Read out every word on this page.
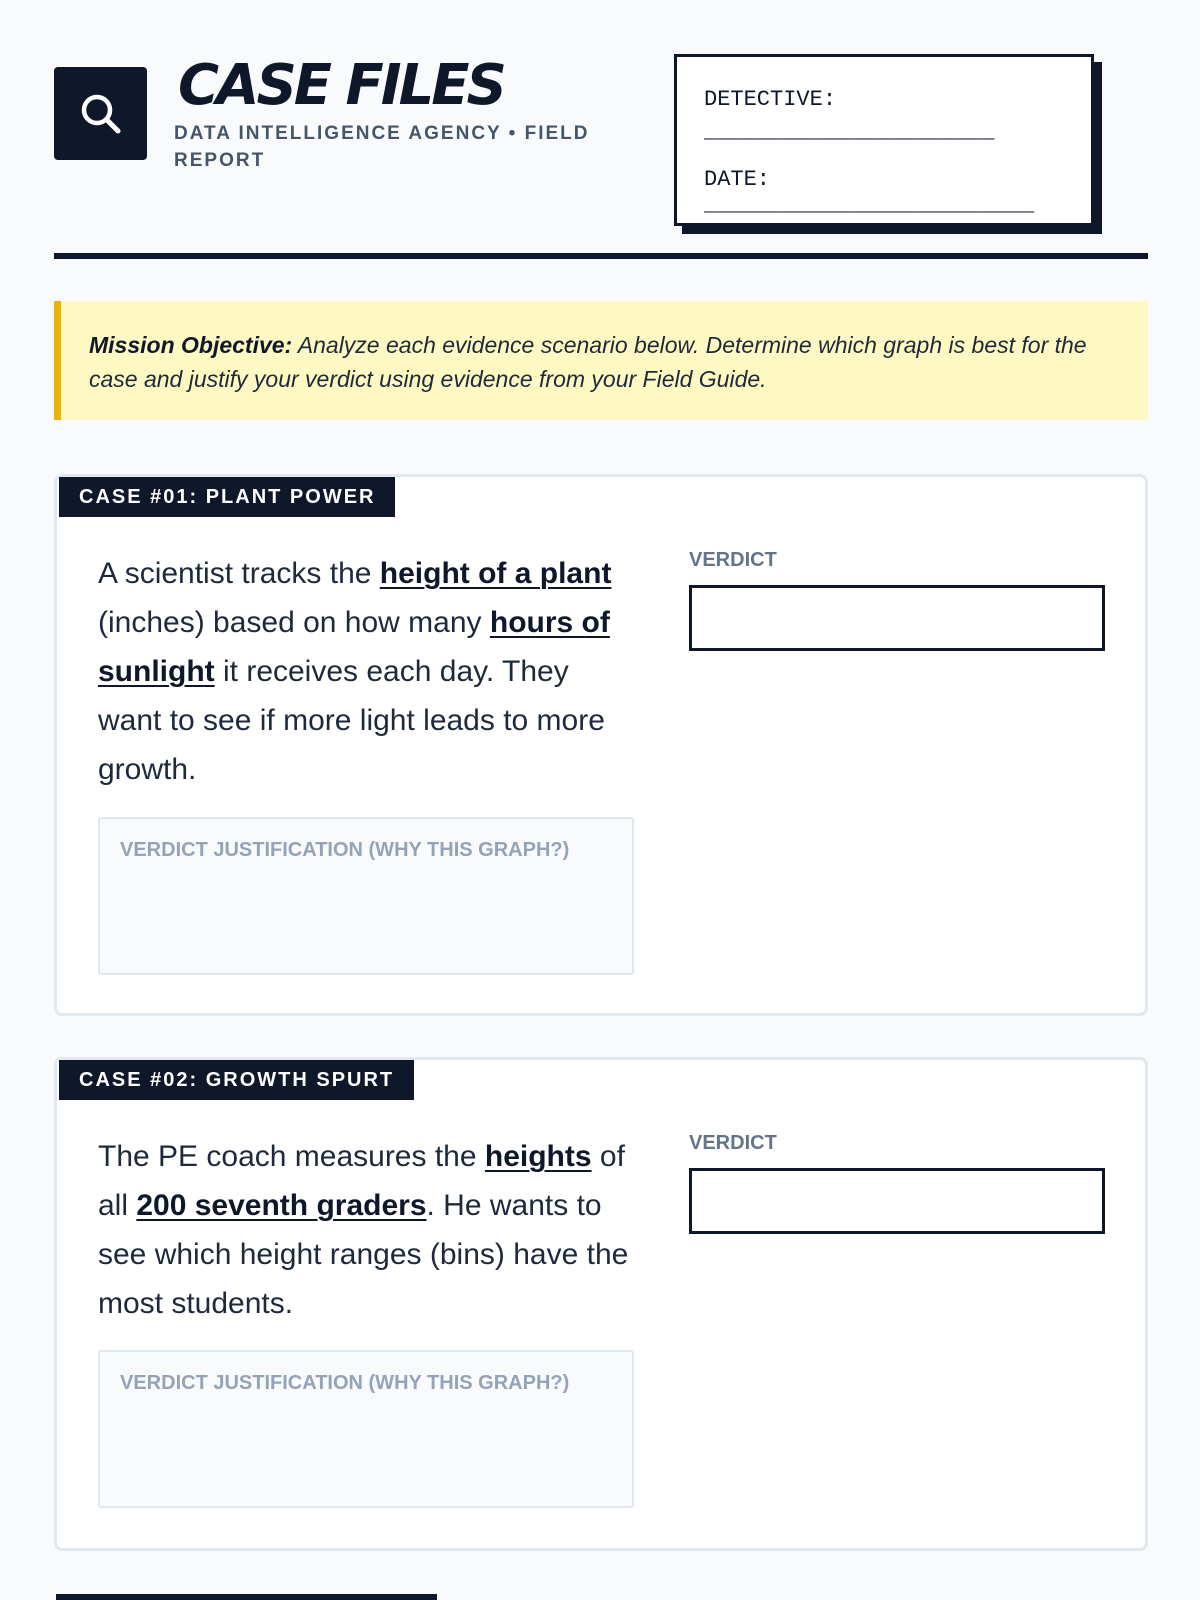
CASE FILES
DATA INTELLIGENCE AGENCY • FIELD REPORT
DETECTIVE:
______________________
DATE: _________________________
Mission Objective: Analyze each evidence scenario below. Determine which graph is best for the case and justify your verdict using evidence from your Field Guide.
CASE #01: PLANT POWER
A scientist tracks the height of a plant (inches) based on how many hours of sunlight it receives each day. They want to see if more light leads to more growth.
VERDICT JUSTIFICATION (WHY THIS GRAPH?)
VERDICT
CASE #02: GROWTH SPURT
The PE coach measures the heights of all 200 seventh graders. He wants to see which height ranges (bins) have the most students.
VERDICT JUSTIFICATION (WHY THIS GRAPH?)
VERDICT
